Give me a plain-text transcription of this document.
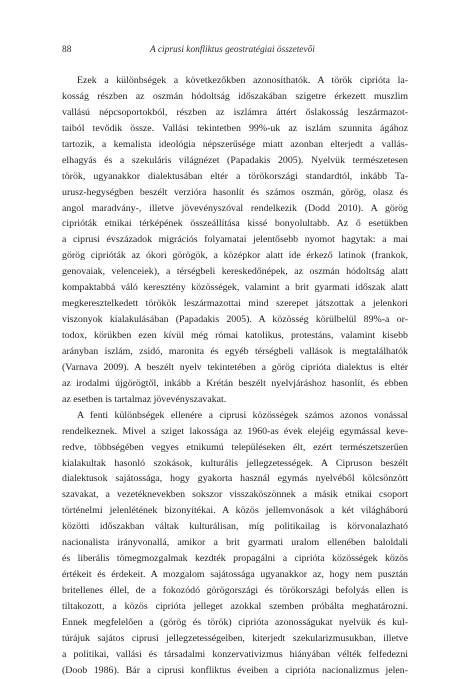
88	A ciprusi konfliktus geostratégiai összetevői
Ezek a különbségek a következőkben azonosíthatók. A török ciprióta la-
kosság részben az oszmán hódoltság időszakában szigetre érkezett muszlim
vallású népcsoportokból, részben az iszlámra áttért őslakosság leszármazot-
taiból tevődik össze. Vallási tekintetben 99%-uk az iszlám szunnita ágához
tartozik, a kemalista ideológia népszerűsége miatt azonban elterjedt a vallás-
elhagyás és a szekuláris világnézet (Papadakis 2005). Nyelvük természetesen
török, ugyanakkor dialektusában eltér a törökországi standardtól, inkább Ta-
urusz-hegységben beszélt verzióra hasonlít és számos oszmán, görög, olasz és
angol maradvány-, illetve jövevényszóval rendelkezik (Dodd 2010). A görög
ciprióták etnikai térképének összeállítása kissé bonyolultabb. Az ő esetükben
a ciprusi évszázadok migrációs folyamatai jelentősebb nyomot hagytak: a mai
görög ciprióták az ókori görögök, a középkor alatt ide érkező latinok (frankok,
genovaiak, velenceiek), a térségbeli kereskedőnépek, az oszmán hódoltság alatt
kompaktabbá váló keresztény közösségek, valamint a brit gyarmati időszak alatt
megkeresztelkedett törökök leszármazottai mind szerepet játszottak a jelenkori
viszonyok kialakulásában (Papadakis 2005). A közösség körülbelül 89%-a or-
todox, körükben ezen kívül még római katolikus, protestáns, valamint kisebb
arányban iszlám, zsidó, maronita és egyéb térségbeli vallások is megtalálhatók
(Varnava 2009). A beszélt nyelv tekintetében a görög ciprióta dialektus is eltér
az irodalmi újgörögtől, inkább a Krétán beszélt nyelvjáráshoz hasonlít, és ebben
az esetben is tartalmaz jövevényszavakat.
A fenti különbségek ellenére a ciprusi közösségek számos azonos vonással
rendelkeznek. Mivel a sziget lakossága az 1960-as évek elejéig egymással keve-
redve, többségében vegyes etnikumú településeken élt, ezért természetszerűen
kialakultak hasonló szokások, kulturális jellegzetességek. A Cipruson beszélt
dialektusok sajátossága, hogy gyakorta használ egymás nyelvéből kölcsönzött
szavakat, a vezetéknevekben sokszor visszaköszönnek a másik etnikai csoport
történelmi jelenlétének bizonyítékai. A közös jellemvonások a két világháború
közötti időszakban váltak kulturálisan, míg politikailag is körvonalazható
nacionalista irányvonallá, amikor a brit gyarmati uralom ellenében baloldali
és liberális tömegmozgalmak kezdték propagálni a ciprióta közösségek közös
értékeit és érdekeit. A mozgalom sajátossága ugyanakkor az, hogy nem pusztán
britellenes éllel, de a fokozódó görögországi és törökországi befolyás ellen is
tiltakozott, a közös ciprióta jelleget azokkal szemben próbálta meghatározni.
Ennek megfelelően a (görög és török) ciprióta azonosságukat nyelvük és kul-
túrájuk sajátos ciprusi jellegzetességeiben, kiterjedt szekularizmusukban, illetve
a politikai, vallási és társadalmi konzervativizmus hiányában vélték felfedezni
(Doob 1986). Bár a ciprusi konfliktus éveiben a ciprióta nacionalizmus jelen-
